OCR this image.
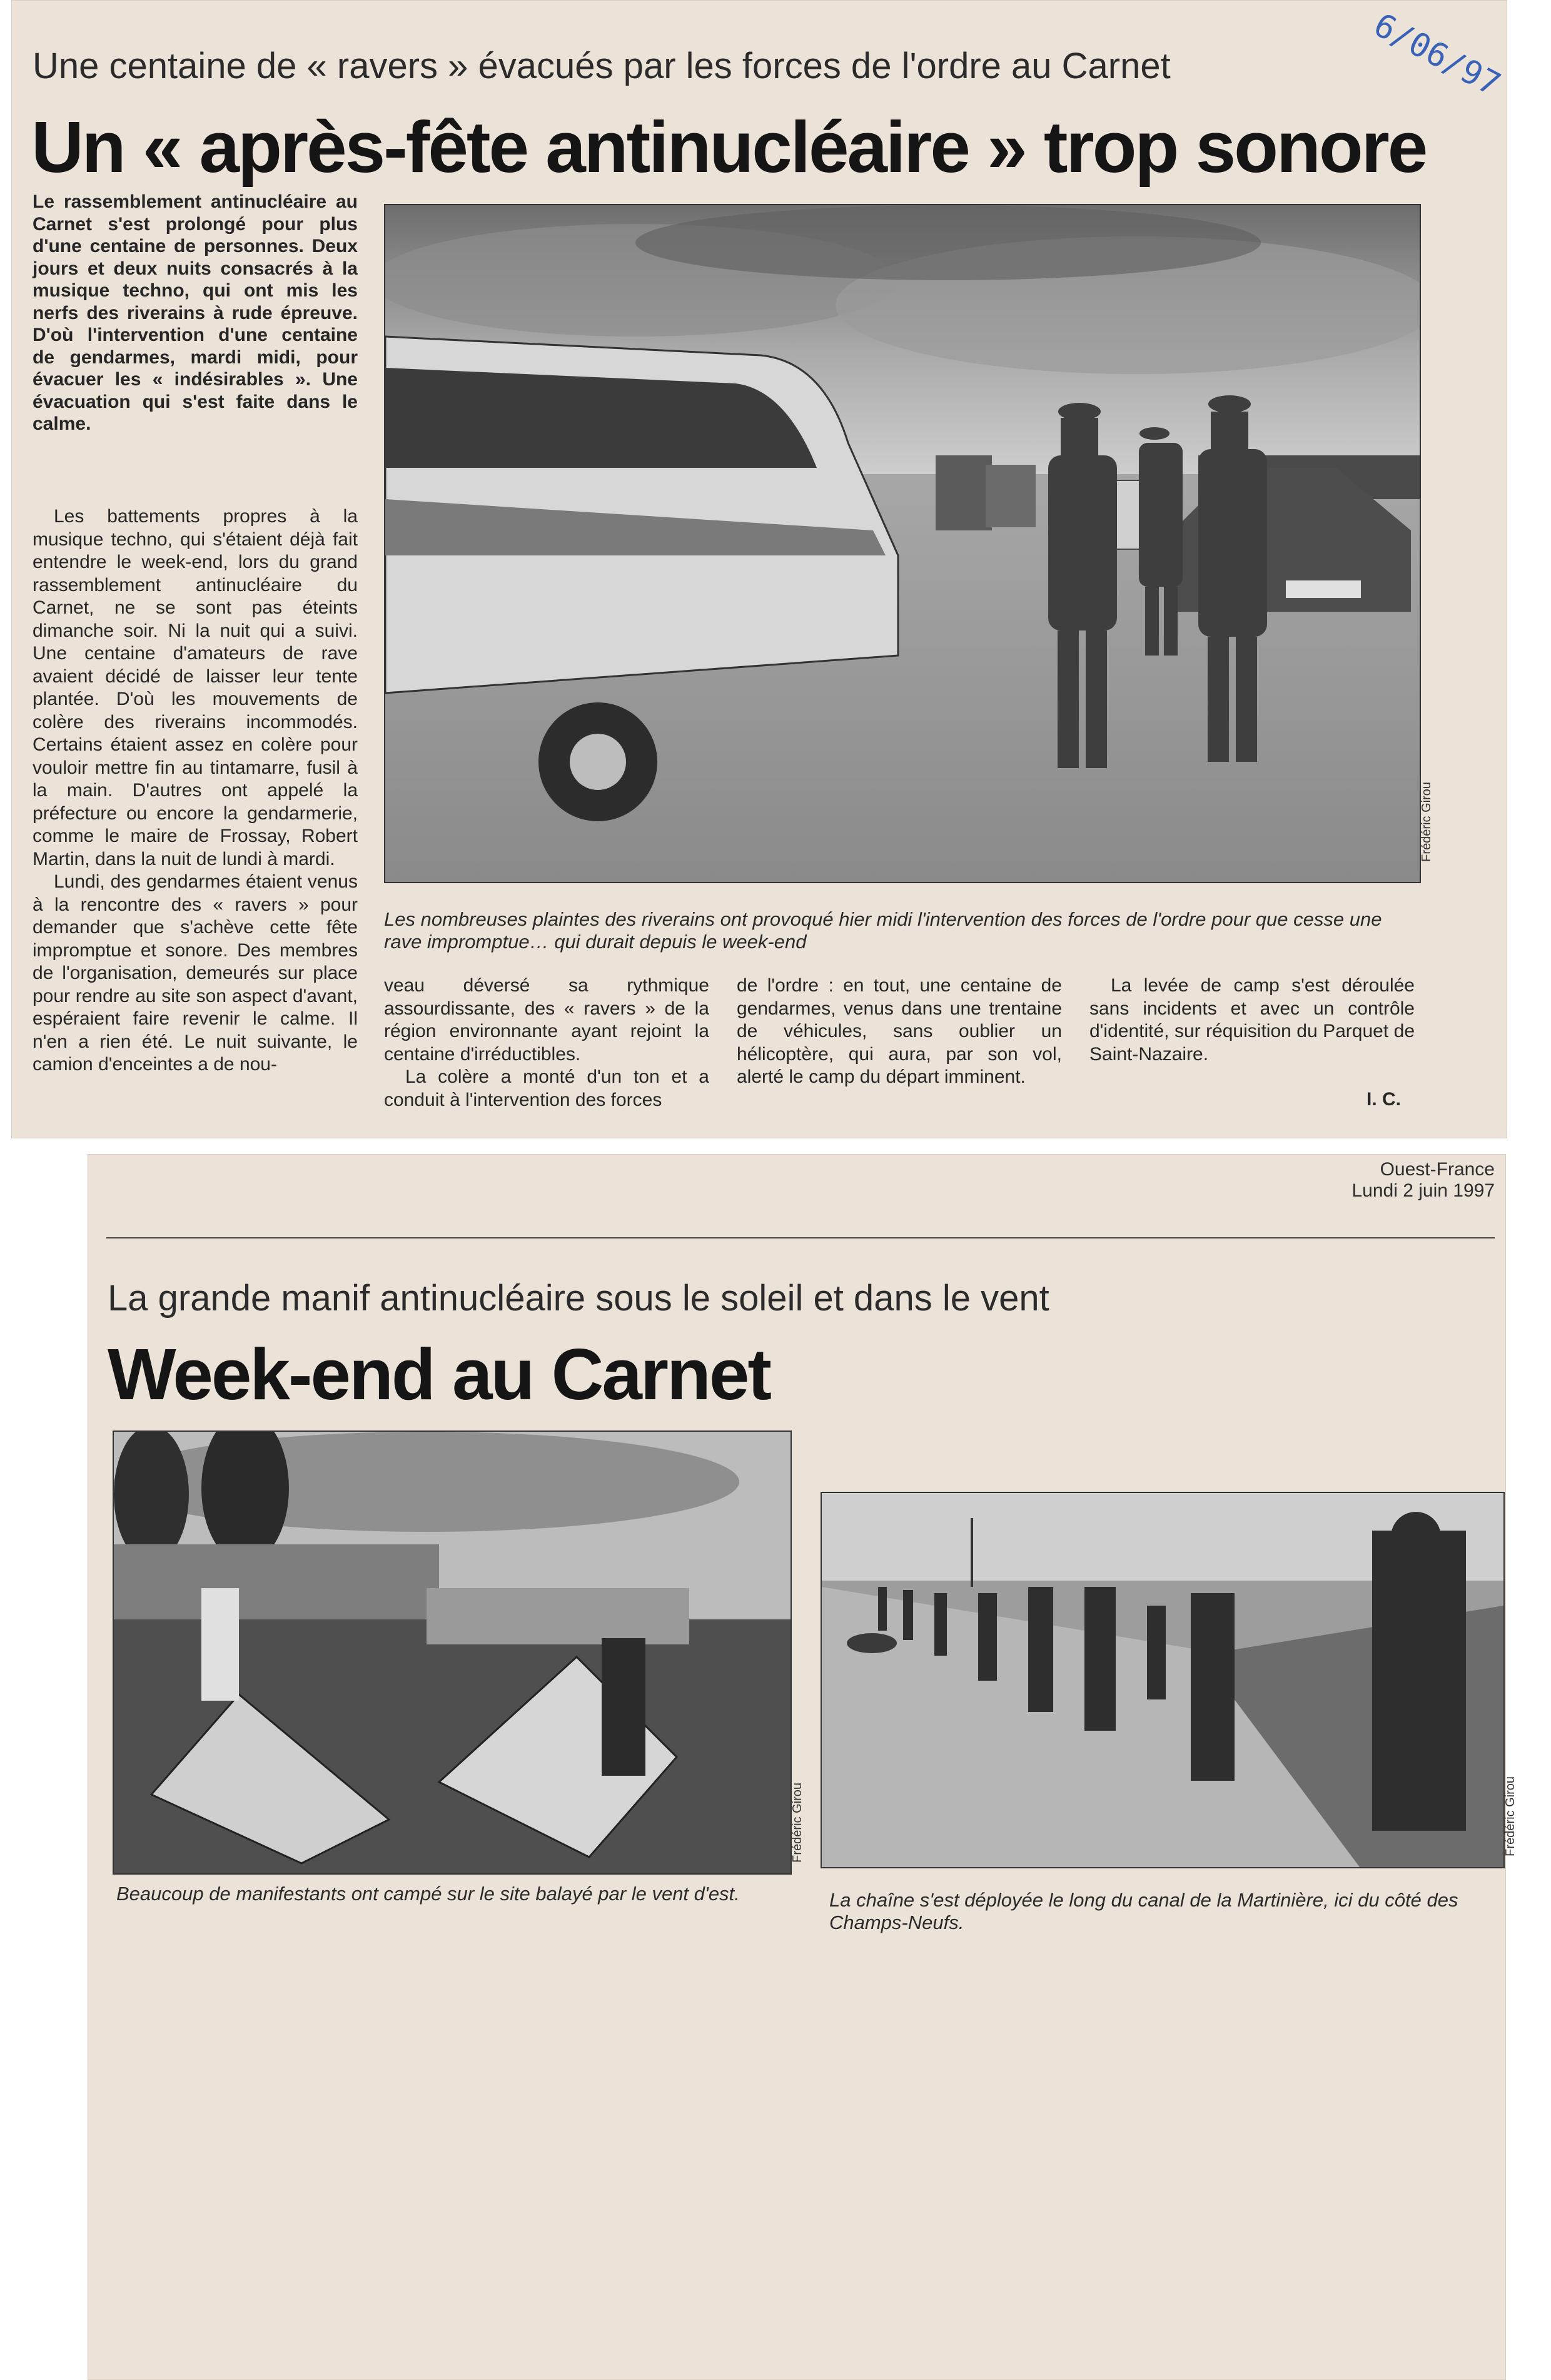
6/06/97
Une centaine de « ravers » évacués par les forces de l'ordre au Carnet
Un « après-fête antinucléaire » trop sonore
Le rassemblement antinucléaire au Carnet s'est prolongé pour plus d'une centaine de personnes. Deux jours et deux nuits consacrés à la musique techno, qui ont mis les nerfs des riverains à rude épreuve. D'où l'intervention d'une centaine de gendarmes, mardi midi, pour évacuer les « indésirables ». Une évacuation qui s'est faite dans le calme.

Les battements propres à la musique techno, qui s'étaient déjà fait entendre le week-end, lors du grand rassemblement antinucléaire du Carnet, ne se sont pas éteints dimanche soir. Ni la nuit qui a suivi. Une centaine d'amateurs de rave avaient décidé de laisser leur tente plantée. D'où les mouvements de colère des riverains incommodés. Certains étaient assez en colère pour vouloir mettre fin au tintamarre, fusil à la main. D'autres ont appelé la préfecture ou encore la gendarmerie, comme le maire de Frossay, Robert Martin, dans la nuit de lundi à mardi.

Lundi, des gendarmes étaient venus à la rencontre des « ravers » pour demander que s'achève cette fête impromptue et sonore. Des membres de l'organisation, demeurés sur place pour rendre au site son aspect d'avant, espéraient faire revenir le calme. Il n'en a rien été. Le nuit suivante, le camion d'enceintes a de nou-

Frédéric Girou
Les nombreuses plaintes des riverains ont provoqué hier midi l'intervention des forces de l'ordre pour que cesse une rave impromptue… qui durait depuis le week-end

veau déversé sa rythmique assourdissante, des « ravers » de la région environnante ayant rejoint la centaine d'irréductibles.

La colère a monté d'un ton et a conduit à l'intervention des forces

de l'ordre : en tout, une centaine de gendarmes, venus dans une trentaine de véhicules, sans oublier un hélicoptère, qui aura, par son vol, alerté le camp du départ imminent.

La levée de camp s'est déroulée sans incidents et avec un contrôle d'identité, sur réquisition du Parquet de Saint-Nazaire.

I. C.
Ouest-France
Lundi 2 juin 1997
La grande manif antinucléaire sous le soleil et dans le vent
Week-end au Carnet
Frédéric Girou
Beaucoup de manifestants ont campé sur le site balayé par le vent d'est.
Frédéric Girou
La chaîne s'est déployée le long du canal de la Martinière, ici du côté des Champs-Neufs.
